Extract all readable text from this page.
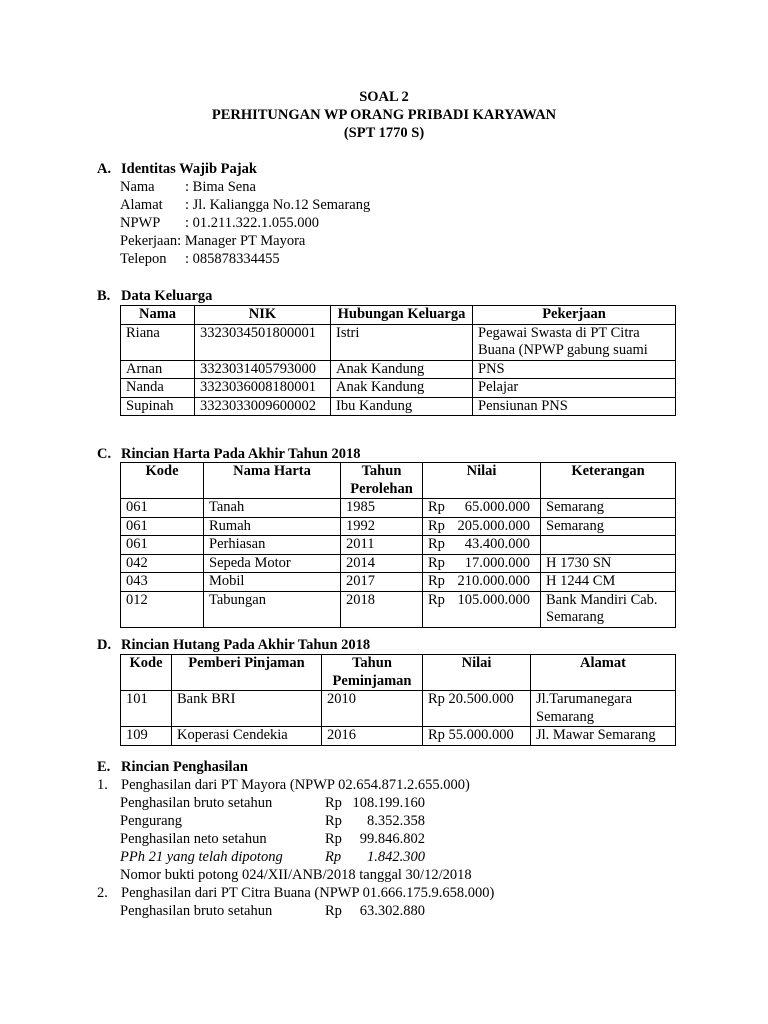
SOAL 2
PERHITUNGAN WP ORANG PRIBADI KARYAWAN
(SPT 1770 S)
A. Identitas Wajib Pajak
Nama : Bima Sena
Alamat : Jl. Kaliangga No.12 Semarang
NPWP : 01.211.322.1.055.000
Pekerjaan: Manager PT Mayora
Telepon : 085878334455
B. Data Keluarga
Nama	NIK	Hubungan Keluarga	Pekerjaan
Riana	3323034501800001	Istri	Pegawai Swasta di PT Citra Buana (NPWP gabung suami
Arnan	3323031405793000	Anak Kandung	PNS
Nanda	3323036008180001	Anak Kandung	Pelajar
Supinah	3323033009600002	Ibu Kandung	Pensiunan PNS
C. Rincian Harta Pada Akhir Tahun 2018
Kode	Nama Harta	Tahun Perolehan	Nilai	Keterangan
061	Tanah	1985	Rp 65.000.000	Semarang
061	Rumah	1992	Rp 205.000.000	Semarang
061	Perhiasan	2011	Rp 43.400.000	
042	Sepeda Motor	2014	Rp 17.000.000	H 1730 SN
043	Mobil	2017	Rp 210.000.000	H 1244 CM
012	Tabungan	2018	Rp 105.000.000	Bank Mandiri Cab. Semarang
D. Rincian Hutang Pada Akhir Tahun 2018
Kode	Pemberi Pinjaman	Tahun Peminjaman	Nilai	Alamat
101	Bank BRI	2010	Rp 20.500.000	Jl.Tarumanegara Semarang
109	Koperasi Cendekia	2016	Rp 55.000.000	Jl. Mawar Semarang
E. Rincian Penghasilan
1. Penghasilan dari PT Mayora (NPWP 02.654.871.2.655.000)
Penghasilan bruto setahun	Rp 108.199.160
Pengurang	Rp 8.352.358
Penghasilan neto setahun	Rp 99.846.802
PPh 21 yang telah dipotong	Rp 1.842.300
Nomor bukti potong 024/XII/ANB/2018 tanggal 30/12/2018
2. Penghasilan dari PT Citra Buana (NPWP 01.666.175.9.658.000)
Penghasilan bruto setahun	Rp 63.302.880
